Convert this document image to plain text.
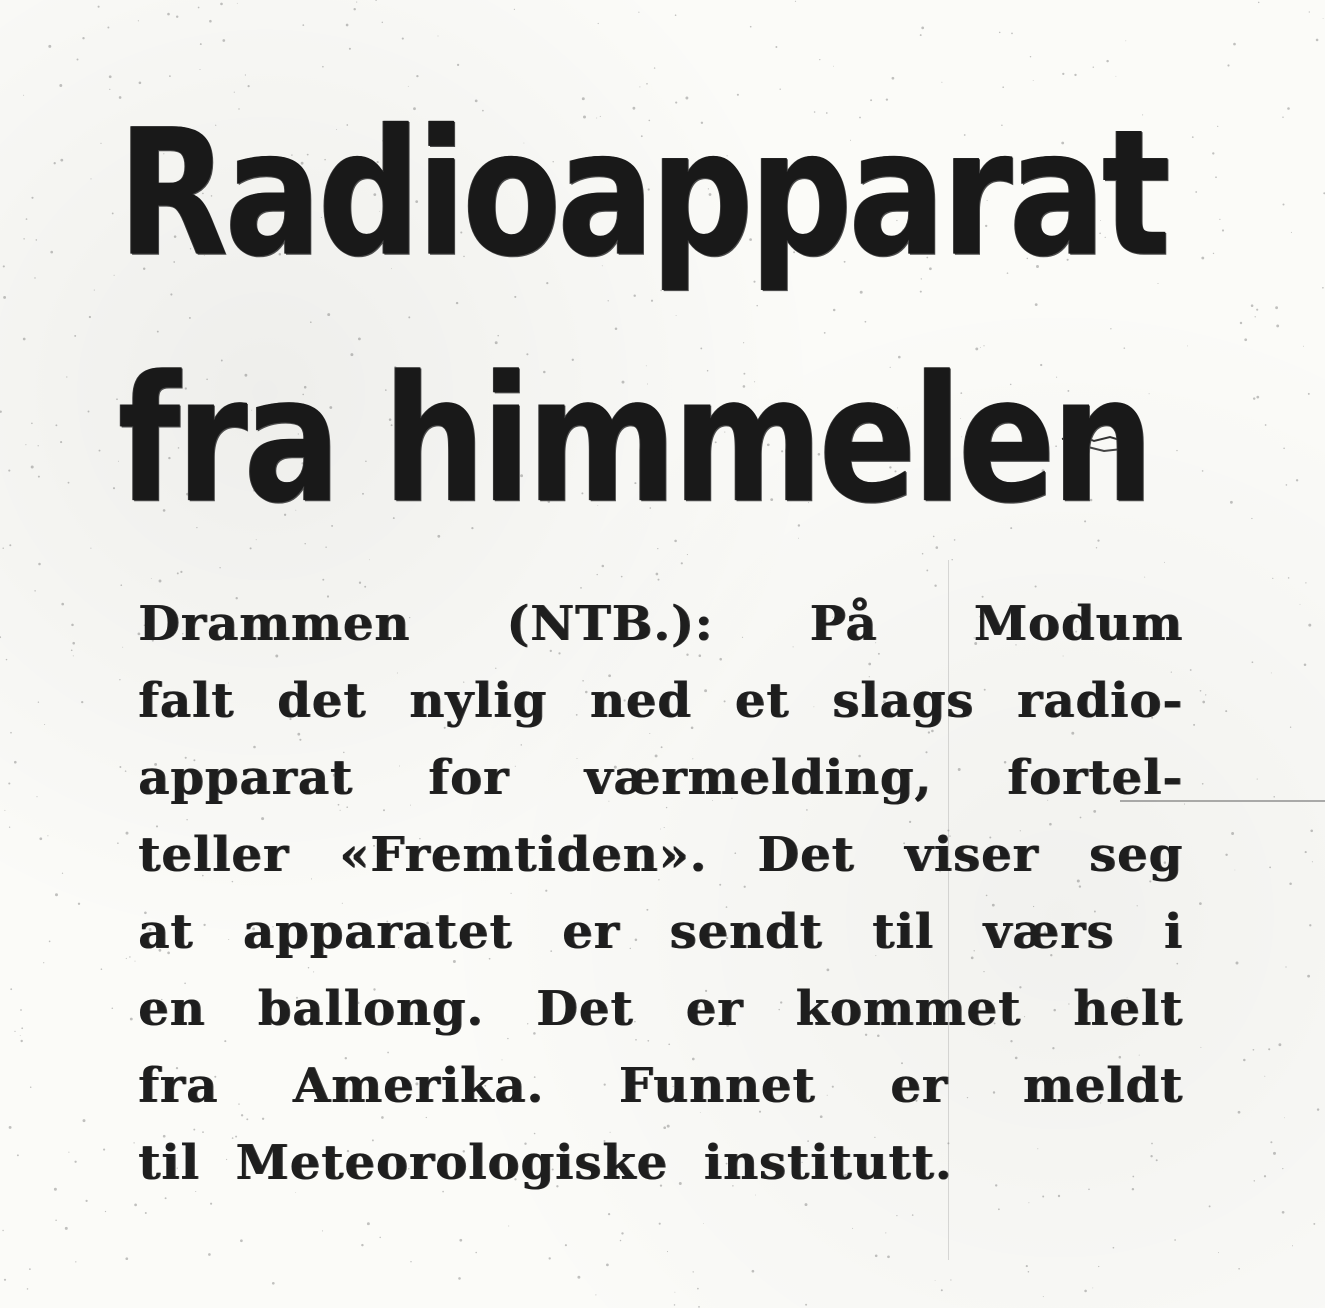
Radioapparat
fra himmelen
Drammen (NTB.): På Modum
falt det nylig ned et slags radio-
apparat for værmelding, fortel-
teller «Fremtiden». Det viser seg
at apparatet er sendt til værs i
en ballong. Det er kommet helt
fra Amerika. Funnet er meldt
til Meteorologiske institutt.
